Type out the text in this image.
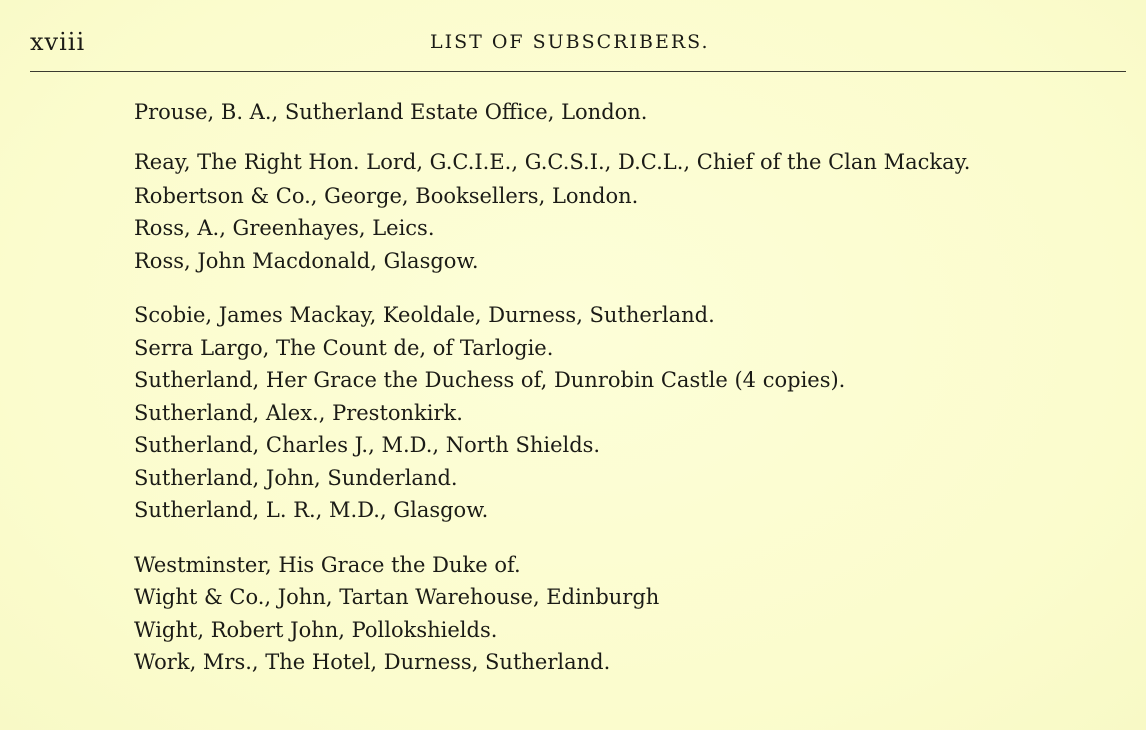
xviii	LIST OF SUBSCRIBERS.
Prouse, B. A., Sutherland Estate Office, London.
Reay, The Right Hon. Lord, G.C.I.E., G.C.S.I., D.C.L., Chief of the Clan Mackay.
Robertson & Co., George, Booksellers, London.
Ross, A., Greenhayes, Leics.
Ross, John Macdonald, Glasgow.
Scobie, James Mackay, Keoldale, Durness, Sutherland.
Serra Largo, The Count de, of Tarlogie.
Sutherland, Her Grace the Duchess of, Dunrobin Castle (4 copies).
Sutherland, Alex., Prestonkirk.
Sutherland, Charles J., M.D., North Shields.
Sutherland, John, Sunderland.
Sutherland, L. R., M.D., Glasgow.
Westminster, His Grace the Duke of.
Wight & Co., John, Tartan Warehouse, Edinburgh
Wight, Robert John, Pollokshields.
Work, Mrs., The Hotel, Durness, Sutherland.
